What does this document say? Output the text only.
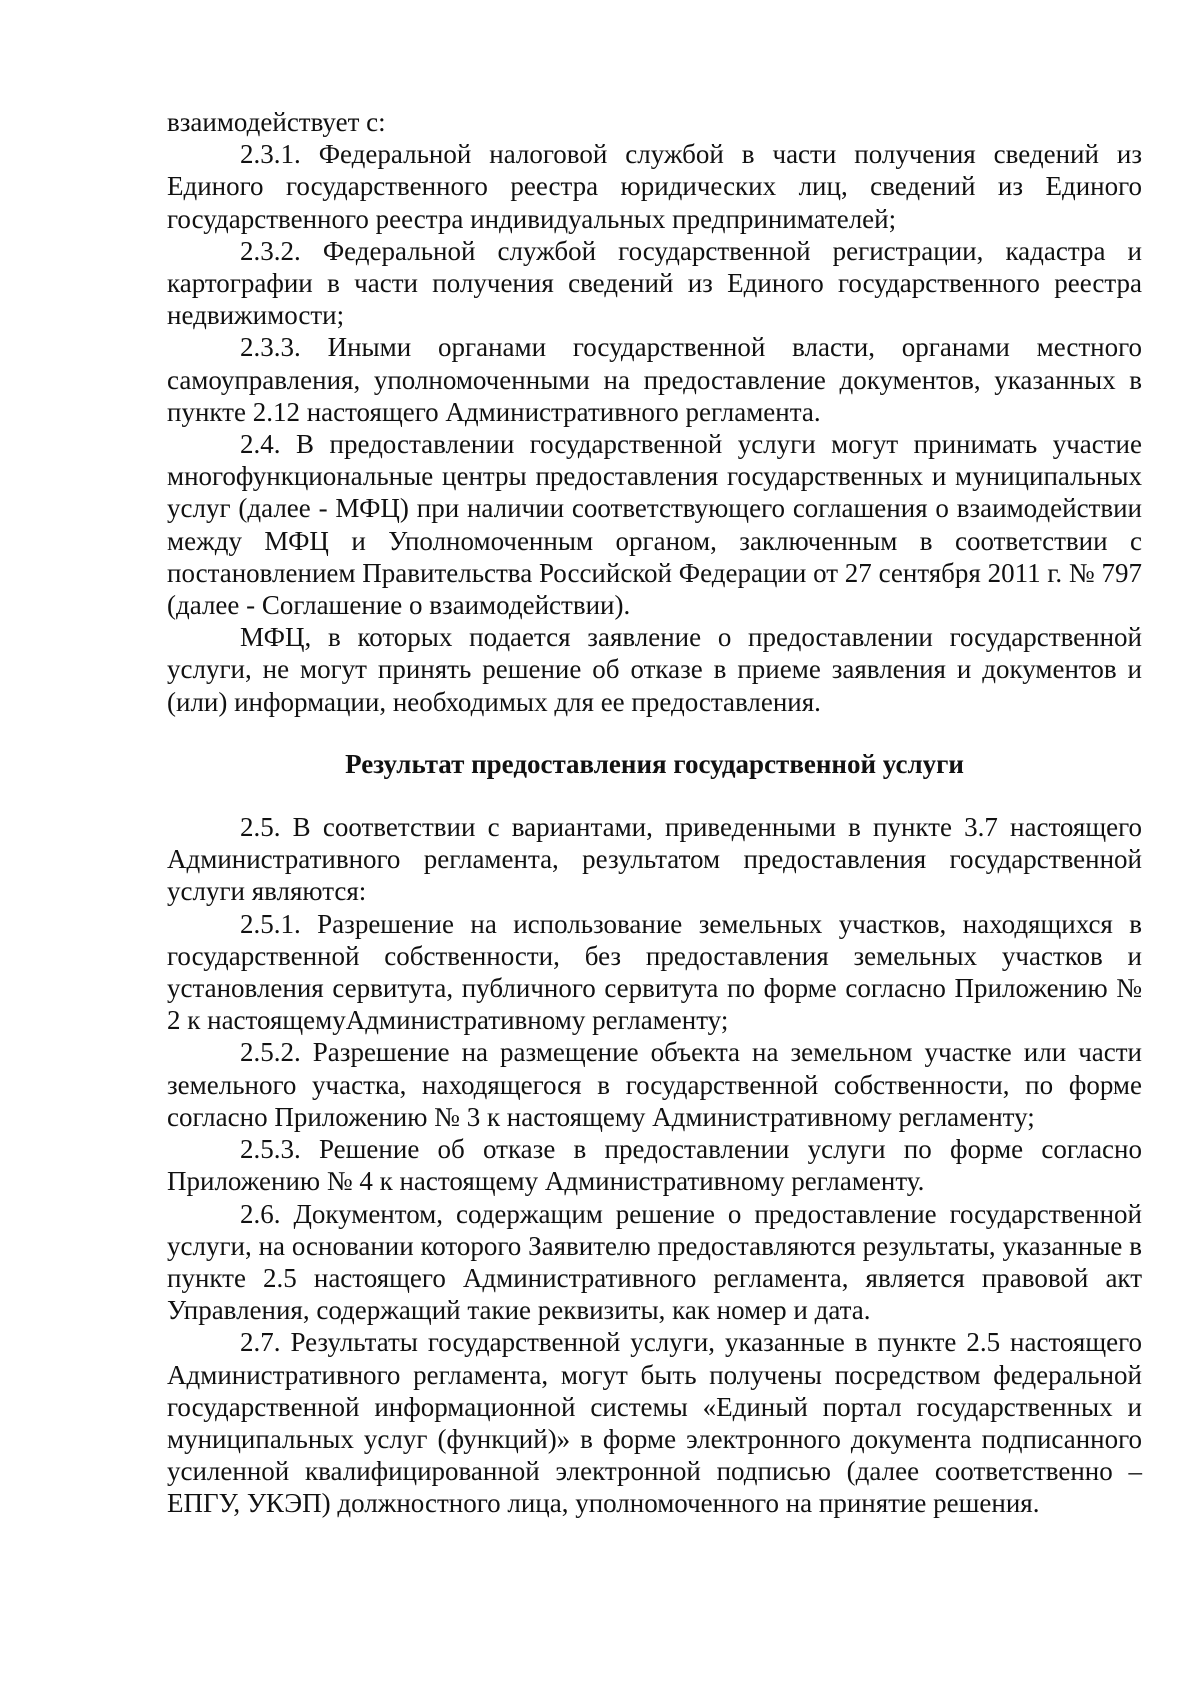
взаимодействует с:

2.3.1. Федеральной налоговой службой в части получения сведений из Единого государственного реестра юридических лиц, сведений из Единого государственного реестра индивидуальных предпринимателей;

2.3.2. Федеральной службой государственной регистрации, кадастра и картографии в части получения сведений из Единого государственного реестра недвижимости;

2.3.3. Иными органами государственной власти, органами местного самоуправления, уполномоченными на предоставление документов, указанных в пункте 2.12 настоящего Административного регламента.

2.4. В предоставлении государственной услуги могут принимать участие многофункциональные центры предоставления государственных и муниципальных услуг (далее - МФЦ) при наличии соответствующего соглашения о взаимодействии между МФЦ и Уполномоченным органом, заключенным в соответствии с постановлением Правительства Российской Федерации от 27 сентября 2011 г. № 797 (далее - Соглашение о взаимодействии).

МФЦ, в которых подается заявление о предоставлении государственной услуги, не могут принять решение об отказе в приеме заявления и документов и (или) информации, необходимых для ее предоставления.

Результат предоставления государственной услуги

2.5. В соответствии с вариантами, приведенными в пункте 3.7 настоящего Административного регламента, результатом предоставления государственной услуги являются:

2.5.1. Разрешение на использование земельных участков, находящихся в государственной собственности, без предоставления земельных участков и установления сервитута, публичного сервитута по форме согласно Приложению № 2 к настоящемуАдминистративному регламенту;

2.5.2. Разрешение на размещение объекта на земельном участке или части земельного участка, находящегося в государственной собственности, по форме согласно Приложению № 3 к настоящему Административному регламенту;

2.5.3. Решение об отказе в предоставлении услуги по форме согласно Приложению № 4 к настоящему Административному регламенту.

2.6. Документом, содержащим решение о предоставление государственной услуги, на основании которого Заявителю предоставляются результаты, указанные в пункте 2.5 настоящего Административного регламента, является правовой акт Управления, содержащий такие реквизиты, как номер и дата.

2.7. Результаты государственной услуги, указанные в пункте 2.5 настоящего Административного регламента, могут быть получены посредством федеральной государственной информационной системы «Единый портал государственных и муниципальных услуг (функций)» в форме электронного документа подписанного усиленной квалифицированной электронной подписью (далее соответственно – ЕПГУ, УКЭП) должностного лица, уполномоченного на принятие решения.
